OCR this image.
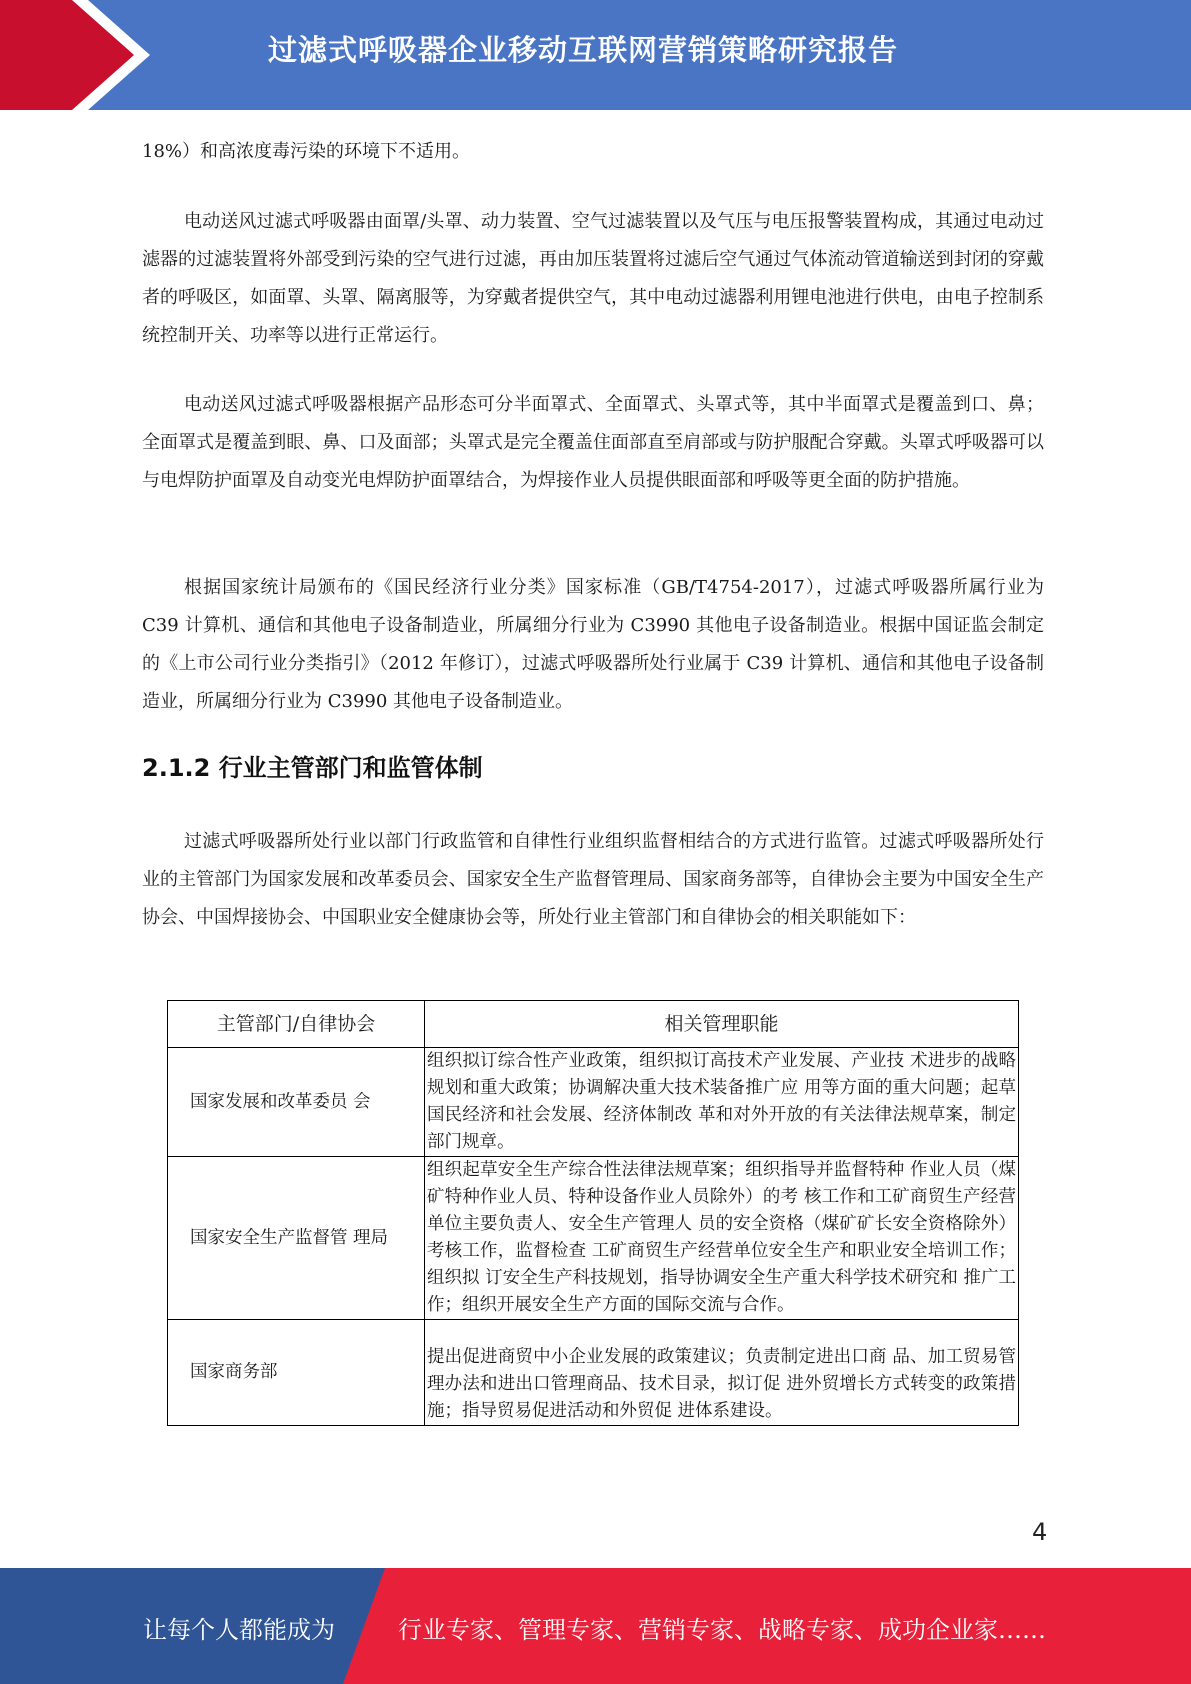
过滤式呼吸器企业移动互联网营销策略研究报告

18%）和高浓度毒污染的环境下不适用。

电动送风过滤式呼吸器由面罩/头罩、动力装置、空气过滤装置以及气压与电压报警装置构成，其通过电动过滤器的过滤装置将外部受到污染的空气进行过滤，再由加压装置将过滤后空气通过气体流动管道输送到封闭的穿戴者的呼吸区，如面罩、头罩、隔离服等，为穿戴者提供空气，其中电动过滤器利用锂电池进行供电，由电子控制系统控制开关、功率等以进行正常运行。

电动送风过滤式呼吸器根据产品形态可分半面罩式、全面罩式、头罩式等，其中半面罩式是覆盖到口、鼻；全面罩式是覆盖到眼、鼻、口及面部；头罩式是完全覆盖住面部直至肩部或与防护服配合穿戴。头罩式呼吸器可以与电焊防护面罩及自动变光电焊防护面罩结合，为焊接作业人员提供眼面部和呼吸等更全面的防护措施。

根据国家统计局颁布的《国民经济行业分类》国家标准（GB/T4754-2017），过滤式呼吸器所属行业为 C39 计算机、通信和其他电子设备制造业，所属细分行业为 C3990 其他电子设备制造业。根据中国证监会制定的《上市公司行业分类指引》（2012 年修订），过滤式呼吸器所处行业属于 C39 计算机、通信和其他电子设备制造业，所属细分行业为 C3990 其他电子设备制造业。

过滤式呼吸器所处行业以部门行政监管和自律性行业组织监督相结合的方式进行监管。过滤式呼吸器所处行业的主管部门为国家发展和改革委员会、国家安全生产监督管理局、国家商务部等，自律协会主要为中国安全生产协会、中国焊接协会、中国职业安全健康协会等，所处行业主管部门和自律协会的相关职能如下：

2.1.2 行业主管部门和监管体制
主管部门/自律协会	相关管理职能
国家发展和改革委员 会	组织拟订综合性产业政策，组织拟订高技术产业发展、产业技 术进步的战略规划和重大政策；协调解决重大技术装备推广应 用等方面的重大问题；起草国民经济和社会发展、经济体制改 革和对外开放的有关法律法规草案，制定部门规章。
国家安全生产监督管 理局	组织起草安全生产综合性法律法规草案；组织指导并监督特种 作业人员（煤矿特种作业人员、特种设备作业人员除外）的考 核工作和工矿商贸生产经营单位主要负责人、安全生产管理人 员的安全资格（煤矿矿长安全资格除外）考核工作，监督检查 工矿商贸生产经营单位安全生产和职业安全培训工作；组织拟 订安全生产科技规划，指导协调安全生产重大科学技术研究和 推广工作；组织开展安全生产方面的国际交流与合作。
国家商务部	提出促进商贸中小企业发展的政策建议；负责制定进出口商 品、加工贸易管理办法和进出口管理商品、技术目录，拟订促 进外贸增长方式转变的政策措施；指导贸易促进活动和外贸促 进体系建设。
4
让每个人都能成为	行业专家、管理专家、营销专家、战略专家、成功企业家……
